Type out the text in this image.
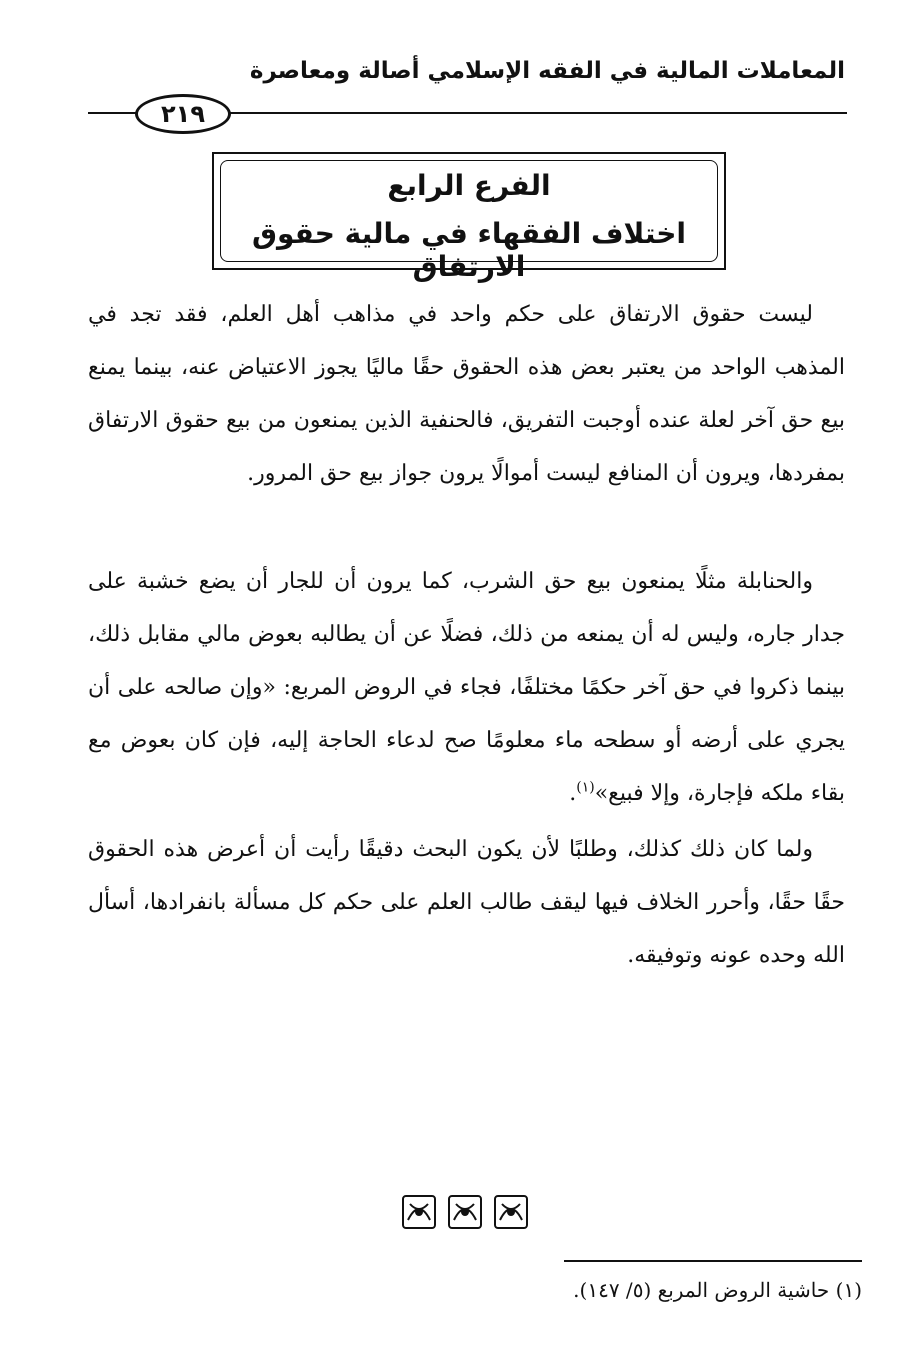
المعاملات المالية في الفقه الإسلامي أصالة ومعاصرة
٢١٩
الفرع الرابع
اختلاف الفقهاء في مالية حقوق الارتفاق

ليست حقوق الارتفاق على حكم واحد في مذاهب أهل العلم، فقد تجد في المذهب الواحد من يعتبر بعض هذه الحقوق حقًا ماليًا يجوز الاعتياض عنه، بينما يمنع بيع حق آخر لعلة عنده أوجبت التفريق، فالحنفية الذين يمنعون من بيع حقوق الارتفاق بمفردها، ويرون أن المنافع ليست أموالًا يرون جواز بيع حق المرور.

والحنابلة مثلًا يمنعون بيع حق الشرب، كما يرون أن للجار أن يضع خشبة على جدار جاره، وليس له أن يمنعه من ذلك، فضلًا عن أن يطالبه بعوض مالي مقابل ذلك، بينما ذكروا في حق آخر حكمًا مختلفًا، فجاء في الروض المربع: «وإن صالحه على أن يجري على أرضه أو سطحه ماء معلومًا صح لدعاء الحاجة إليه، فإن كان بعوض مع بقاء ملكه فإجارة، وإلا فبيع»$^{(١)}$.

ولما كان ذلك كذلك، وطلبًا لأن يكون البحث دقيقًا رأيت أن أعرض هذه الحقوق حقًا حقًا، وأحرر الخلاف فيها ليقف طالب العلم على حكم كل مسألة بانفرادها، أسأل الله وحده عونه وتوفيقه.

(١) حاشية الروض المربع (٥/ ١٤٧).
